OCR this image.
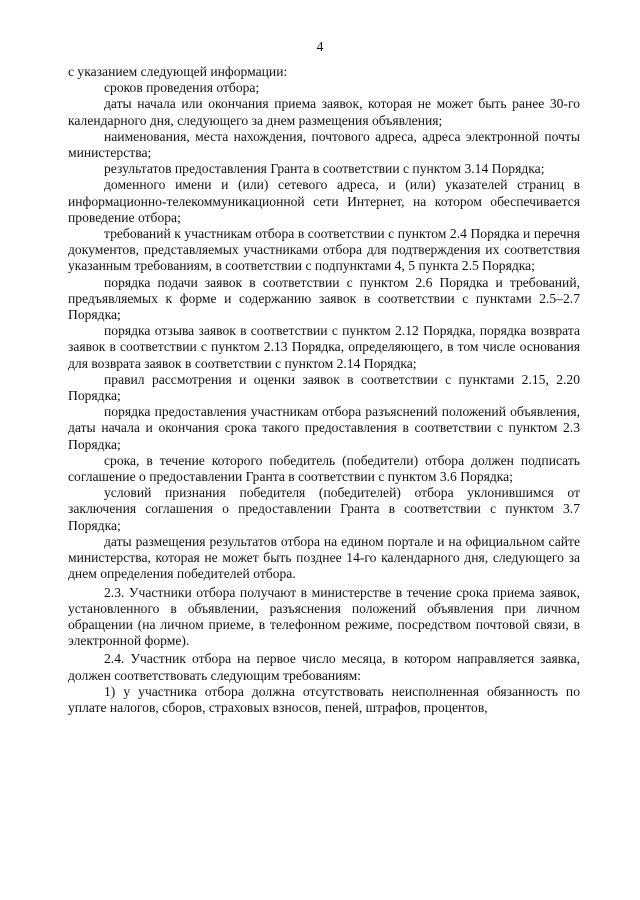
4

с указанием следующей информации:

сроков проведения отбора;

даты начала или окончания приема заявок, которая не может быть ранее 30-го календарного дня, следующего за днем размещения объявления;

наименования, места нахождения, почтового адреса, адреса электронной почты министерства;

результатов предоставления Гранта в соответствии с пунктом 3.14 Порядка;

доменного имени и (или) сетевого адреса, и (или) указателей страниц в информационно-телекоммуникационной сети Интернет, на котором обеспечивается проведение отбора;

требований к участникам отбора в соответствии с пунктом 2.4 Порядка и перечня документов, представляемых участниками отбора для подтверждения их соответствия указанным требованиям, в соответствии с подпунктами 4, 5 пункта 2.5 Порядка;

порядка подачи заявок в соответствии с пунктом 2.6 Порядка и требований, предъявляемых к форме и содержанию заявок в соответствии с пунктами 2.5–2.7 Порядка;

порядка отзыва заявок в соответствии с пунктом 2.12 Порядка, порядка возврата заявок в соответствии с пунктом 2.13 Порядка, определяющего, в том числе основания для возврата заявок в соответствии с пунктом 2.14 Порядка;

правил рассмотрения и оценки заявок в соответствии с пунктами 2.15, 2.20 Порядка;

порядка предоставления участникам отбора разъяснений положений объявления, даты начала и окончания срока такого предоставления в соответствии с пунктом 2.3 Порядка;

срока, в течение которого победитель (победители) отбора должен подписать соглашение о предоставлении Гранта в соответствии с пунктом 3.6 Порядка;

условий признания победителя (победителей) отбора уклонившимся от заключения соглашения о предоставлении Гранта в соответствии с пунктом 3.7 Порядка;

даты размещения результатов отбора на едином портале и на официальном сайте министерства, которая не может быть позднее 14-го календарного дня, следующего за днем определения победителей отбора.

2.3. Участники отбора получают в министерстве в течение срока приема заявок, установленного в объявлении, разъяснения положений объявления при личном обращении (на личном приеме, в телефонном режиме, посредством почтовой связи, в электронной форме).

2.4. Участник отбора на первое число месяца, в котором направляется заявка, должен соответствовать следующим требованиям:

1) у участника отбора должна отсутствовать неисполненная обязанность по уплате налогов, сборов, страховых взносов, пеней, штрафов, процентов,
